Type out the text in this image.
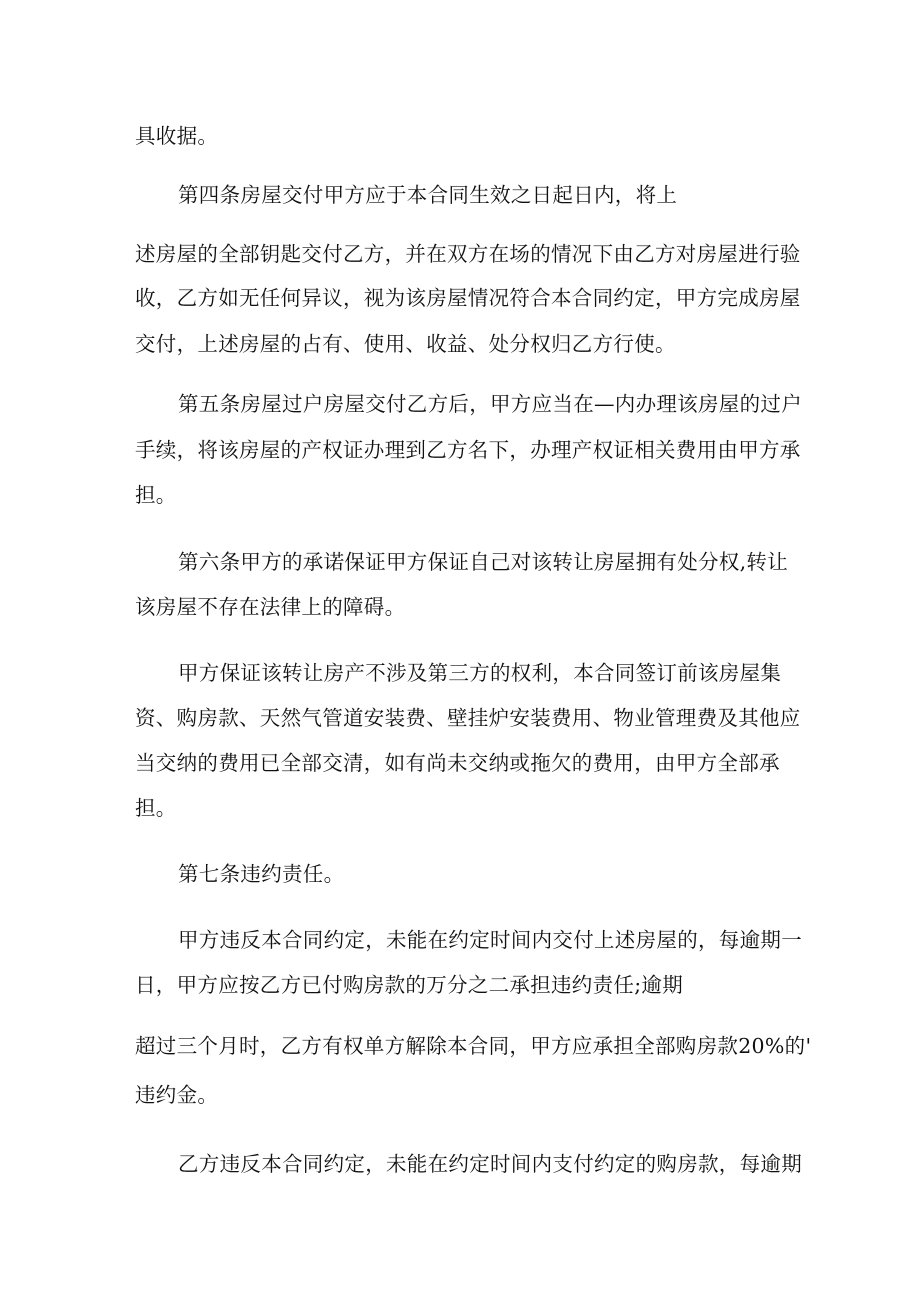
具收据。
第四条房屋交付甲方应于本合同生效之日起日内，将上
述房屋的全部钥匙交付乙方，并在双方在场的情况下由乙方对房屋进行验
收，乙方如无任何异议，视为该房屋情况符合本合同约定，甲方完成房屋
交付，上述房屋的占有、使用、收益、处分权归乙方行使。
第五条房屋过户房屋交付乙方后，甲方应当在—内办理该房屋的过户
手续，将该房屋的产权证办理到乙方名下，办理产权证相关费用由甲方承
担。
第六条甲方的承诺保证甲方保证自己对该转让房屋拥有处分权,转让
该房屋不存在法律上的障碍。
甲方保证该转让房产不涉及第三方的权利，本合同签订前该房屋集
资、购房款、天然气管道安装费、壁挂炉安装费用、物业管理费及其他应
当交纳的费用已全部交清，如有尚未交纳或拖欠的费用，由甲方全部承
担。
第七条违约责任。
甲方违反本合同约定，未能在约定时间内交付上述房屋的，每逾期一
日，甲方应按乙方已付购房款的万分之二承担违约责任;逾期
超过三个月时，乙方有权单方解除本合同，甲方应承担全部购房款20%的'
违约金。
乙方违反本合同约定，未能在约定时间内支付约定的购房款，每逾期
